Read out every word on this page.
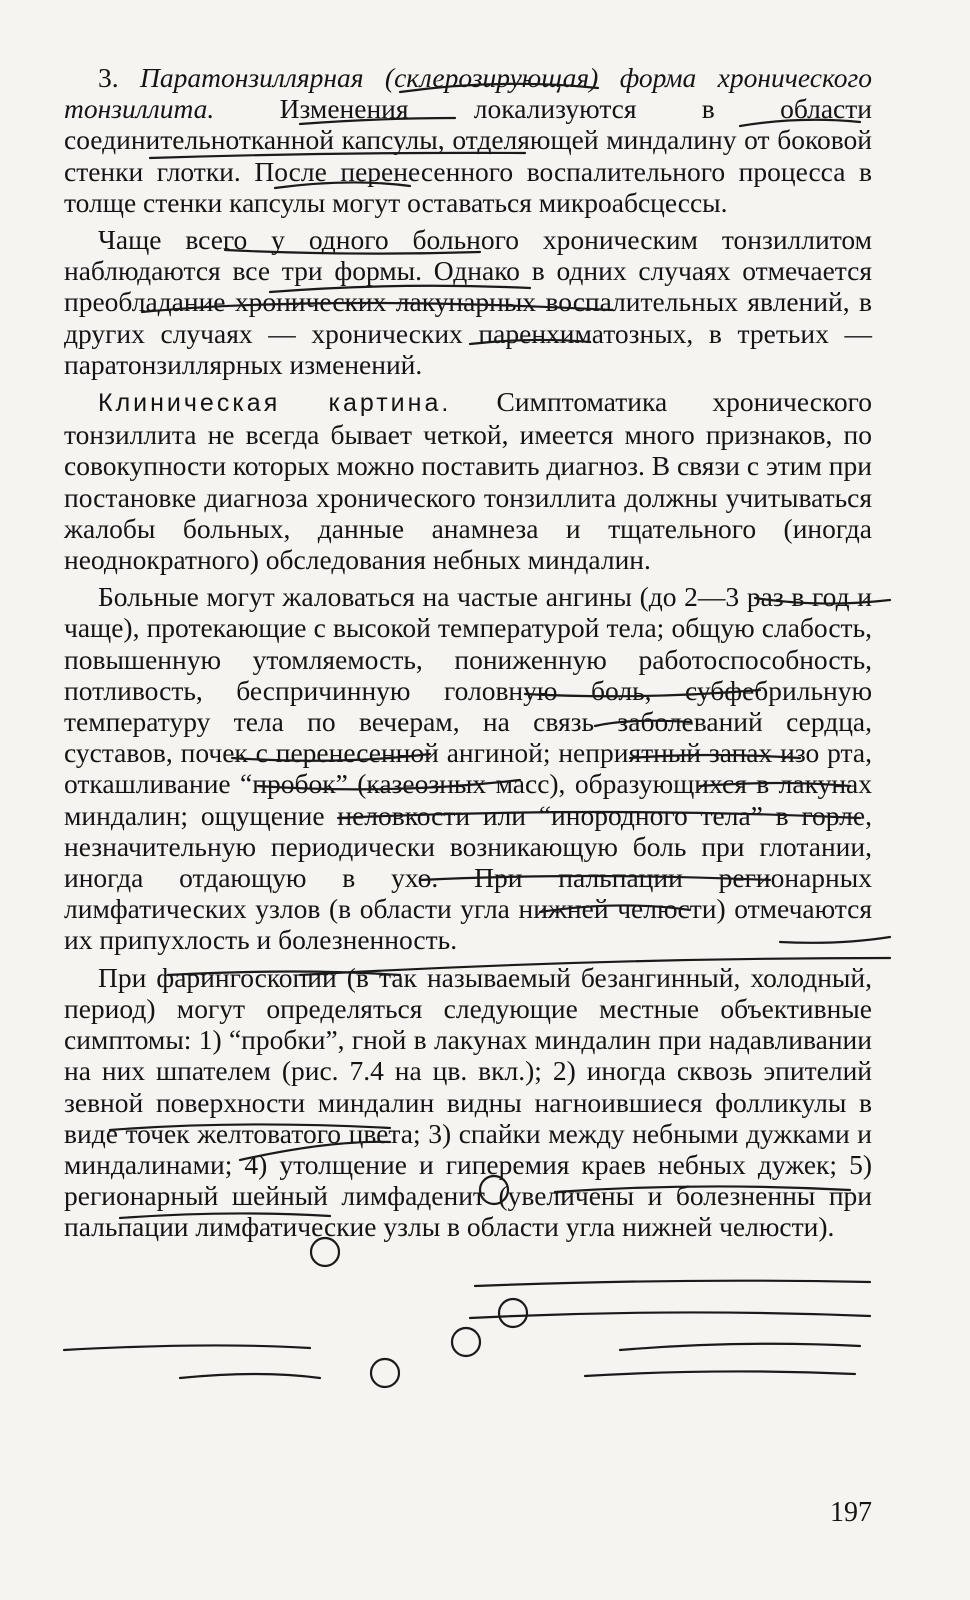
3. Паратонзиллярная (склерозирующая) форма хронического тонзиллита. Изменения локализуются в области соединительнотканной капсулы, отделяющей миндалину от боковой стенки глотки. После перенесенного воспалительного процесса в толще стенки капсулы могут оставаться микроабсцессы.

Чаще всего у одного больного хроническим тонзиллитом наблюдаются все три формы. Однако в одних случаях отмечается преобладание хронических лакунарных воспалительных явлений, в других случаях — хронических паренхиматозных, в третьих — паратонзиллярных изменений.

Клиническая картина. Симптоматика хронического тонзиллита не всегда бывает четкой, имеется много признаков, по совокупности которых можно поставить диагноз. В связи с этим при постановке диагноза хронического тонзиллита должны учитываться жалобы больных, данные анамнеза и тщательного (иногда неоднократного) обследования небных миндалин.

Больные могут жаловаться на частые ангины (до 2—3 раз в год и чаще), протекающие с высокой температурой тела; общую слабость, повышенную утомляемость, пониженную работоспособность, потливость, беспричинную головную боль, субфебрильную температуру тела по вечерам, на связь заболеваний сердца, суставов, почек с перенесенной ангиной; неприятный запах изо рта, откашливание “пробок” (казеозных масс), образующихся в лакунах миндалин; ощущение неловкости или “инородного тела” в горле, незначительную периодически возникающую боль при глотании, иногда отдающую в ухо. При пальпации регионарных лимфатических узлов (в области угла нижней челюсти) отмечаются их припухлость и болезненность.

При фарингоскопии (в так называемый безангинный, холодный, период) могут определяться следующие местные объективные симптомы: 1) “пробки”, гной в лакунах миндалин при надавливании на них шпателем (рис. 7.4 на цв. вкл.); 2) иногда сквозь эпителий зевной поверхности миндалин видны нагноившиеся фолликулы в виде точек желтоватого цвета; 3) спайки между небными дужками и миндалинами; 4) утолщение и гиперемия краев небных дужек; 5) регионарный шейный лимфаденит (увеличены и болезненны при пальпации лимфатические узлы в области угла нижней челюсти).

197
